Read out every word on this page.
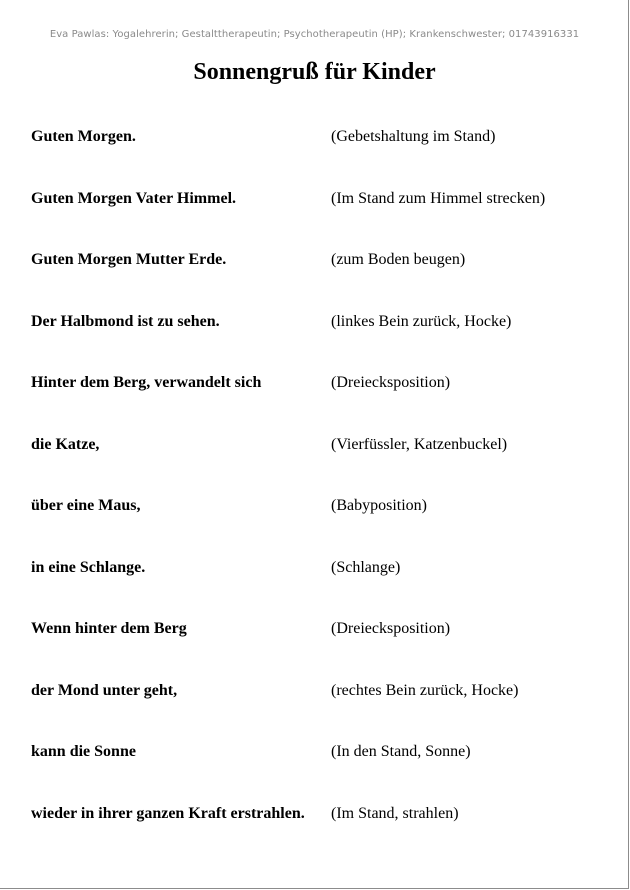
Eva Pawlas: Yogalehrerin; Gestalttherapeutin; Psychotherapeutin (HP); Krankenschwester; 01743916331
Sonnengruß für Kinder
Guten Morgen.	(Gebetshaltung im Stand)
Guten Morgen Vater Himmel.	(Im Stand zum Himmel strecken)
Guten Morgen Mutter Erde.	(zum Boden beugen)
Der Halbmond ist zu sehen.	(linkes Bein zurück, Hocke)
Hinter dem Berg, verwandelt sich	(Dreiecksposition)
die Katze,	(Vierfüssler, Katzenbuckel)
über eine Maus,	(Babyposition)
in eine Schlange.	(Schlange)
Wenn hinter dem Berg	(Dreiecksposition)
der Mond unter geht,	(rechtes Bein zurück, Hocke)
kann die Sonne	(In den Stand, Sonne)
wieder in ihrer ganzen Kraft erstrahlen. (Im Stand, strahlen)
